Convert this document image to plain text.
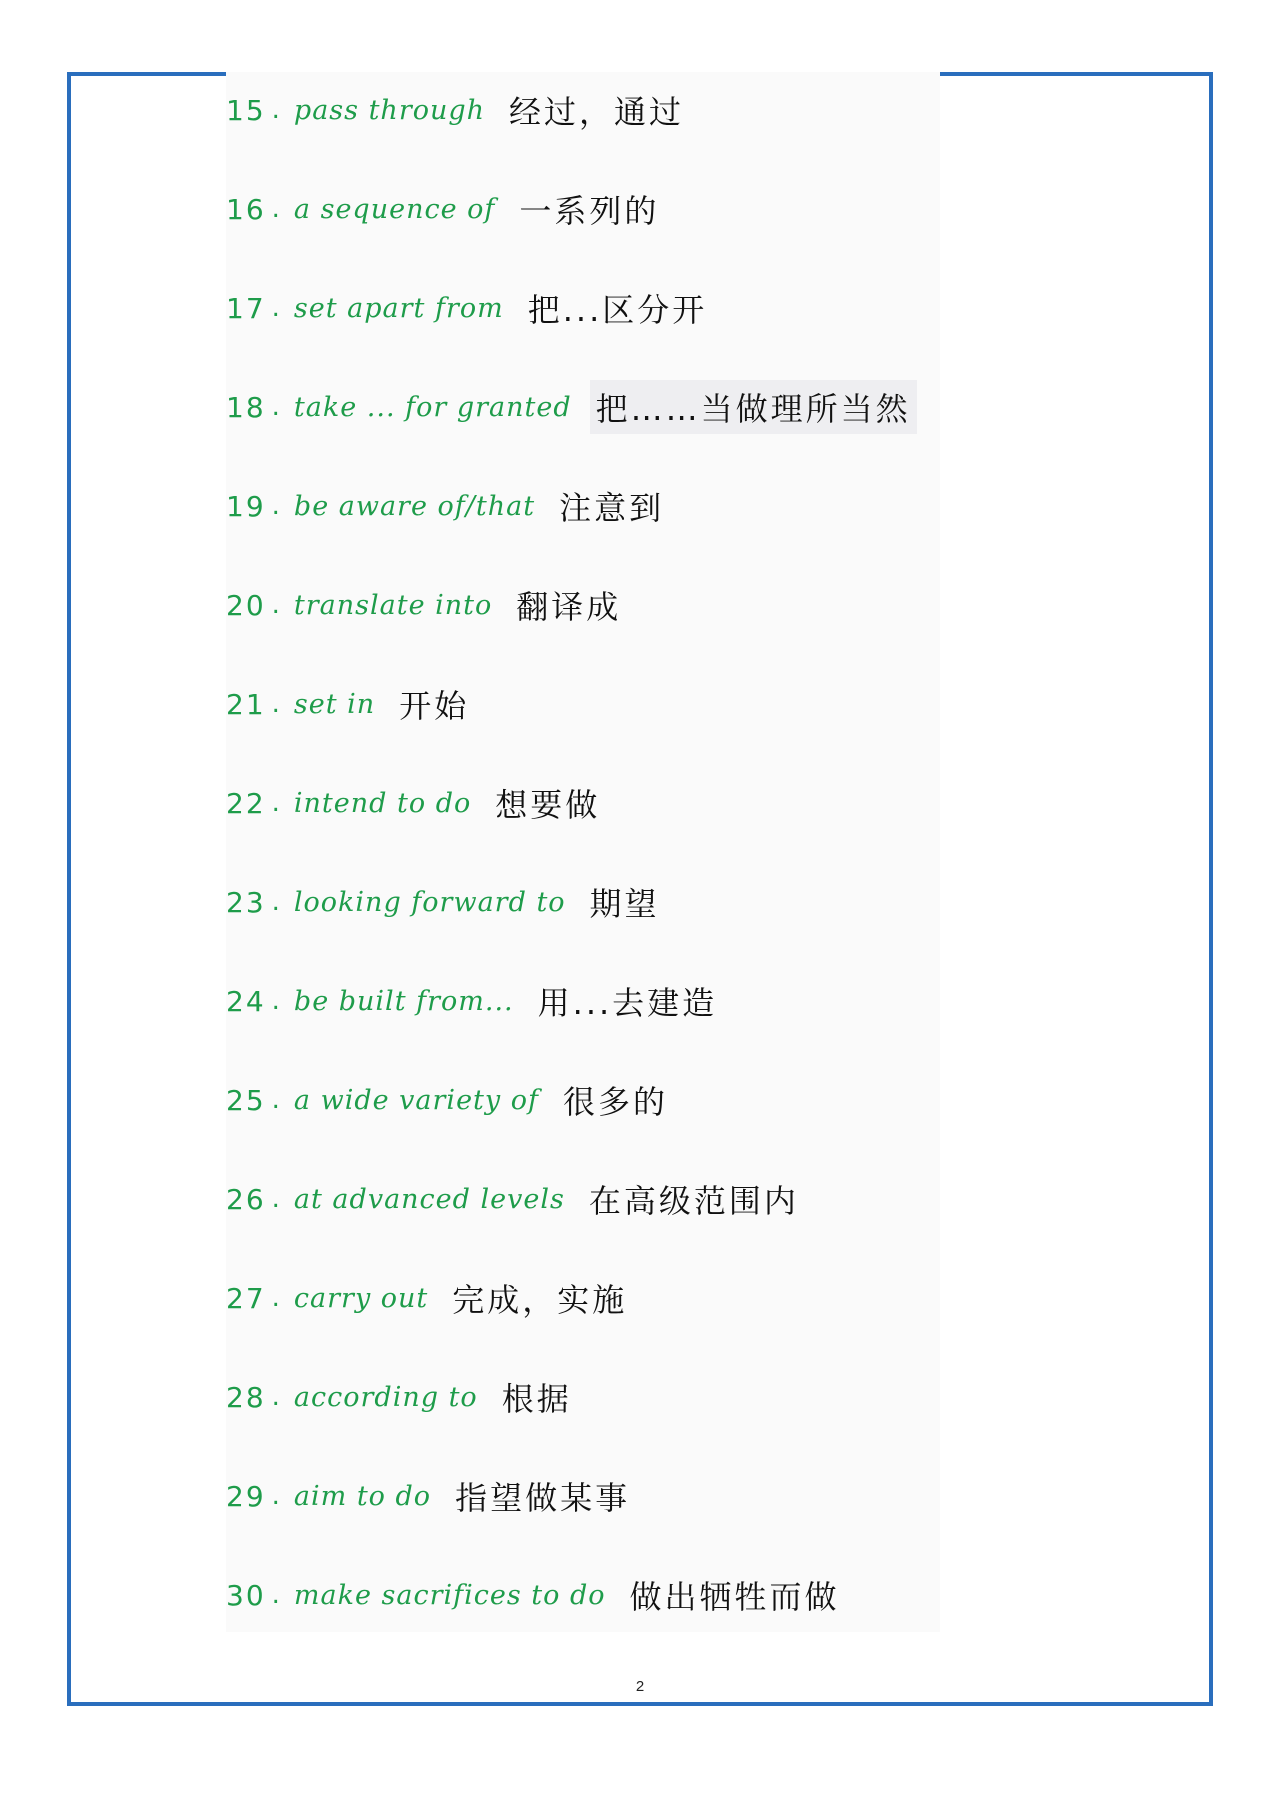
15 . pass through 经过，通过
16 . a sequence of 一系列的
17 . set apart from 把...区分开
18 . take ... for granted 把……当做理所当然
19 . be aware of/that 注意到
20 . translate into 翻译成
21 . set in 开始
22 . intend to do 想要做
23 . looking forward to 期望
24 . be built from... 用...去建造
25 . a wide variety of 很多的
26 . at advanced levels 在高级范围内
27 . carry out 完成，实施
28 . according to 根据
29 . aim to do 指望做某事
30 . make sacrifices to do 做出牺牲而做
2
